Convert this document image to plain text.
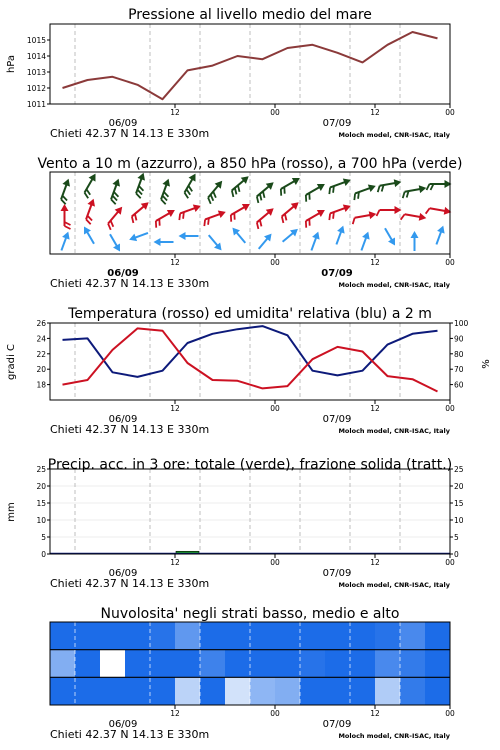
Pressione al livello medio del mare
1011
1012
1013
1014
1015
hPa
12	00	12	00
06/09	07/09
Chieti 42.37 N 14.13 E 330m	Moloch model, CNR-ISAC, Italy
Vento a 10 m (azzurro), a 850 hPa (rosso), a 700 hPa (verde)
12	00	12	00
06/09	07/09
Chieti 42.37 N 14.13 E 330m	Moloch model, CNR-ISAC, Italy
Temperatura (rosso) ed umidita' relativa (blu) a 2 m
18
20
22
24
26
60
70
80
90
100
gradi C	%
12	00	12	00
06/09	07/09
Chieti 42.37 N 14.13 E 330m	Moloch model, CNR-ISAC, Italy
Precip. acc. in 3 ore: totale (verde), frazione solida (tratt.)
0	0
5	5
10	10
15	15
20	20
25	25
mm
12	00	12	00
06/09	07/09
Chieti 42.37 N 14.13 E 330m	Moloch model, CNR-ISAC, Italy
Nuvolosita' negli strati basso, medio e alto
12	00	12	00
06/09	07/09
Chieti 42.37 N 14.13 E 330m	Moloch model, CNR-ISAC, Italy
